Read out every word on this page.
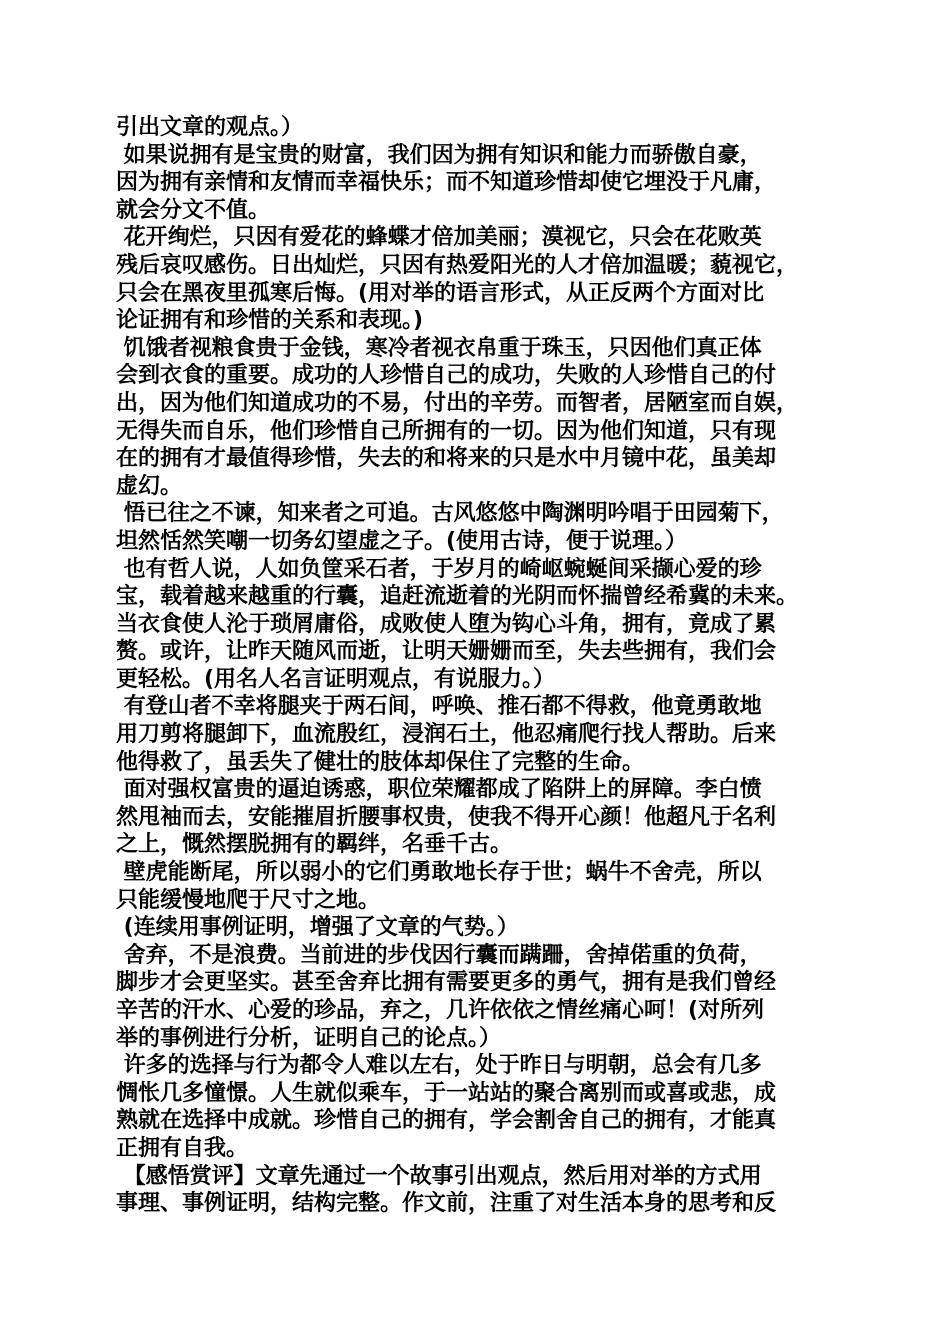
引出文章的观点。）

如果说拥有是宝贵的财富，我们因为拥有知识和能力而骄傲自豪，
因为拥有亲情和友情而幸福快乐；而不知道珍惜却使它埋没于凡庸，
就会分文不值。

花开绚烂，只因有爱花的蜂蝶才倍加美丽；漠视它，只会在花败英
残后哀叹感伤。日出灿烂，只因有热爱阳光的人才倍加温暖；藐视它，
只会在黑夜里孤寒后悔。(用对举的语言形式，从正反两个方面对比
论证拥有和珍惜的关系和表现。)

饥饿者视粮食贵于金钱，寒冷者视衣帛重于珠玉，只因他们真正体
会到衣食的重要。成功的人珍惜自己的成功，失败的人珍惜自己的付
出，因为他们知道成功的不易，付出的辛劳。而智者，居陋室而自娱，
无得失而自乐，他们珍惜自己所拥有的一切。因为他们知道，只有现
在的拥有才最值得珍惜，失去的和将来的只是水中月镜中花，虽美却
虚幻。

悟已往之不谏，知来者之可追。古风悠悠中陶渊明吟唱于田园菊下，
坦然恬然笑嘲一切务幻望虚之子。(使用古诗，便于说理。）

也有哲人说，人如负筐采石者，于岁月的崎岖蜿蜒间采撷心爱的珍
宝，载着越来越重的行囊，追赶流逝着的光阴而怀揣曾经希冀的未来。
当衣食使人沦于琐屑庸俗，成败使人堕为钩心斗角，拥有，竟成了累
赘。或许，让昨天随风而逝，让明天姗姗而至，失去些拥有，我们会
更轻松。(用名人名言证明观点，有说服力。）

有登山者不幸将腿夹于两石间，呼唤、推石都不得救，他竟勇敢地
用刀剪将腿卸下，血流殷红，浸润石土，他忍痛爬行找人帮助。后来
他得救了，虽丢失了健壮的肢体却保住了完整的生命。

面对强权富贵的逼迫诱惑，职位荣耀都成了陷阱上的屏障。李白愤
然甩袖而去，安能摧眉折腰事权贵，使我不得开心颜！他超凡于名利
之上，慨然摆脱拥有的羁绊，名垂千古。

壁虎能断尾，所以弱小的它们勇敢地长存于世；蜗牛不舍壳，所以
只能缓慢地爬于尺寸之地。

(连续用事例证明，增强了文章的气势。）

舍弃，不是浪费。当前进的步伐因行囊而蹒跚，舍掉偌重的负荷，
脚步才会更坚实。甚至舍弃比拥有需要更多的勇气，拥有是我们曾经
辛苦的汗水、心爱的珍品，弃之，几许依依之情丝痛心呵！(对所列
举的事例进行分析，证明自己的论点。）

许多的选择与行为都令人难以左右，处于昨日与明朝，总会有几多
惆怅几多憧憬。人生就似乘车，于一站站的聚合离别而或喜或悲，成
熟就在选择中成就。珍惜自己的拥有，学会割舍自己的拥有，才能真
正拥有自我。

【感悟赏评】文章先通过一个故事引出观点，然后用对举的方式用
事理、事例证明，结构完整。作文前，注重了对生活本身的思考和反
